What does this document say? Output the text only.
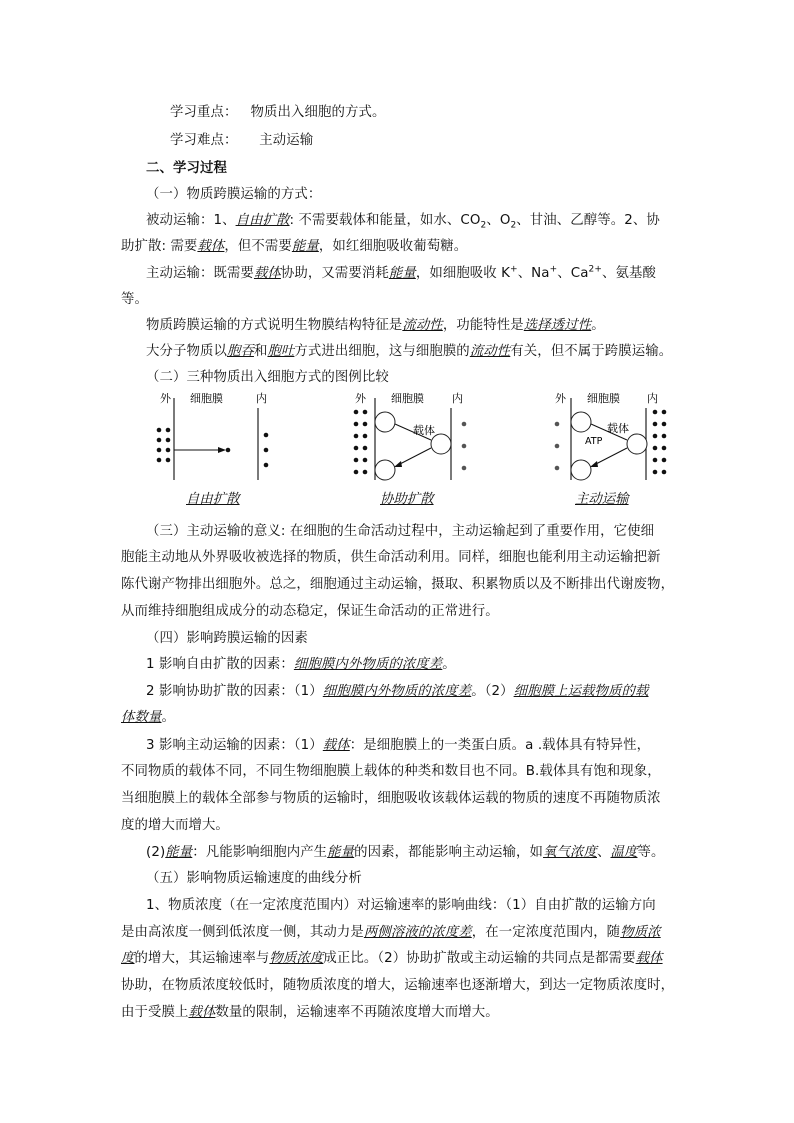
学习重点： 物质出入细胞的方式。
学习难点： 主动运输
二、学习过程
（一）物质跨膜运输的方式：
被动运输：1、自由扩散: 不需要载体和能量，如水、$CO_2$、$O_2$、甘油、乙醇等。2、协
助扩散: 需要载体，但不需要能量，如红细胞吸收葡萄糖。
主动运输：既需要载体协助，又需要消耗能量，如细胞吸收 K+、Na+、$Ca^{2+}$、氨基酸
等。
物质跨膜运输的方式说明生物膜结构特征是流动性，功能特性是选择透过性。
大分子物质以胞吞和胞吐方式进出细胞，这与细胞膜的流动性有关，但不属于跨膜运输。
（二）三种物质出入细胞方式的图例比较
外 细胞膜	内
自由扩散
外 细胞膜	内
载体
协助扩散
外 细胞膜 内
载体
ATP
主动运输
（三）主动运输的意义: 在细胞的生命活动过程中，主动运输起到了重要作用，它使细
胞能主动地从外界吸收被选择的物质，供生命活动利用。同样，细胞也能利用主动运输把新
陈代谢产物排出细胞外。总之，细胞通过主动运输，摄取、积累物质以及不断排出代谢废物，
从而维持细胞组成成分的动态稳定，保证生命活动的正常进行。
（四）影响跨膜运输的因素
1 影响自由扩散的因素：细胞膜内外物质的浓度差。
2 影响协助扩散的因素：（1）细胞膜内外物质的浓度差。（2）细胞膜上运载物质的载
体数量。
3 影响主动运输的因素：（1）载体：是细胞膜上的一类蛋白质。a .载体具有特异性，
不同物质的载体不同，不同生物细胞膜上载体的种类和数目也不同。B.载体具有饱和现象，
当细胞膜上的载体全部参与物质的运输时，细胞吸收该载体运载的物质的速度不再随物质浓
度的增大而增大。
(2)能量：凡能影响细胞内产生能量的因素，都能影响主动运输，如氧气浓度、温度等。
（五）影响物质运输速度的曲线分析
1、物质浓度（在一定浓度范围内）对运输速率的影响曲线：（1）自由扩散的运输方向
是由高浓度一侧到低浓度一侧，其动力是两侧溶液的浓度差，在一定浓度范围内，随物质浓
度的增大，其运输速率与物质浓度成正比。（2）协助扩散或主动运输的共同点是都需要载体
协助，在物质浓度较低时，随物质浓度的增大，运输速率也逐渐增大，到达一定物质浓度时，
由于受膜上载体数量的限制，运输速率不再随浓度增大而增大。
